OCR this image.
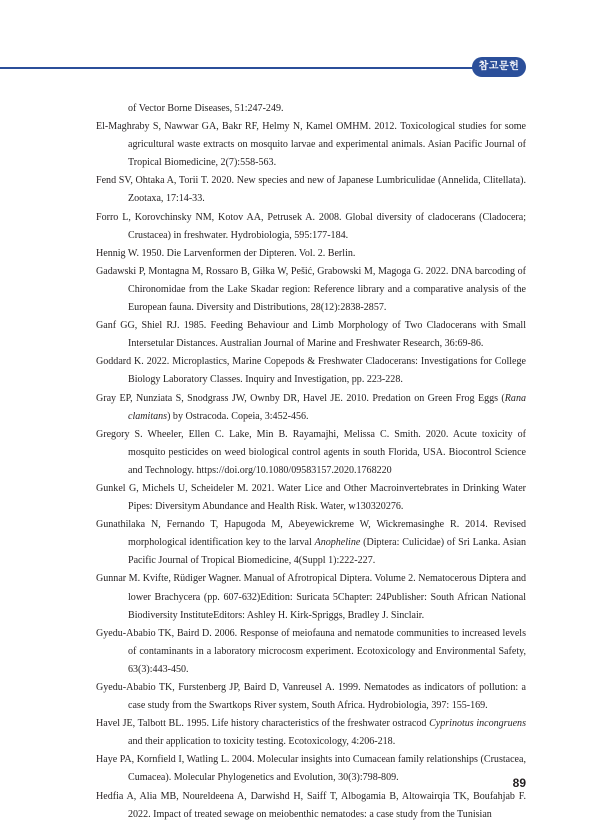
참고문헌

of Vector Borne Diseases, 51:247-249.

El-Maghraby S, Nawwar GA, Bakr RF, Helmy N, Kamel OMHM. 2012. Toxicological studies for some agricultural waste extracts on mosquito larvae and experimental animals. Asian Pacific Journal of Tropical Biomedicine, 2(7):558-563.

Fend SV, Ohtaka A, Torii T. 2020. New species and new of Japanese Lumbriculidae (Annelida, Clitellata). Zootaxa, 17:14-33.

Forro L, Korovchinsky NM, Kotov AA, Petrusek A. 2008. Global diversity of cladocerans (Cladocera; Crustacea) in freshwater. Hydrobiologia, 595:177-184.

Hennig W. 1950. Die Larvenformen der Dipteren. Vol. 2. Berlin.

Gadawski P, Montagna M, Rossaro B, Giłka W, Pešić, Grabowski M, Magoga G. 2022. DNA barcoding of Chironomidae from the Lake Skadar region: Reference library and a comparative analysis of the European fauna. Diversity and Distributions, 28(12):2838-2857.

Ganf GG, Shiel RJ. 1985. Feeding Behaviour and Limb Morphology of Two Cladocerans with Small Intersetular Distances. Australian Journal of Marine and Freshwater Research, 36:69-86.

Goddard K. 2022. Microplastics, Marine Copepods & Freshwater Cladocerans: Investigations for College Biology Laboratory Classes. Inquiry and Investigation, pp. 223-228.

Gray EP, Nunziata S, Snodgrass JW, Ownby DR, Havel JE. 2010. Predation on Green Frog Eggs (Rana clamitans) by Ostracoda. Copeia, 3:452-456.

Gregory S. Wheeler, Ellen C. Lake, Min B. Rayamajhi, Melissa C. Smith. 2020. Acute toxicity of mosquito pesticides on weed biological control agents in south Florida, USA. Biocontrol Science and Technology. https://doi.org/10.1080/09583157.2020.1768220

Gunkel G, Michels U, Scheideler M. 2021. Water Lice and Other Macroinvertebrates in Drinking Water Pipes: Diversitym Abundance and Health Risk. Water, w130320276.

Gunathilaka N, Fernando T, Hapugoda M, Abeyewickreme W, Wickremasinghe R. 2014. Revised morphological identification key to the larval Anopheline (Diptera: Culicidae) of Sri Lanka. Asian Pacific Journal of Tropical Biomedicine, 4(Suppl 1):222-227.

Gunnar M. Kvifte, Rüdiger Wagner. Manual of Afrotropical Diptera. Volume 2. Nematocerous Diptera and lower Brachycera (pp. 607-632)Edition: Suricata 5Chapter: 24Publisher: South African National Biodiversity InstituteEditors: Ashley H. Kirk-Spriggs, Bradley J. Sinclair.

Gyedu-Ababio TK, Baird D. 2006. Response of meiofauna and nematode communities to increased levels of contaminants in a laboratory microcosm experiment. Ecotoxicology and Environmental Safety, 63(3):443-450.

Gyedu-Ababio TK, Furstenberg JP, Baird D, Vanreusel A. 1999. Nematodes as indicators of pollution: a case study from the Swartkops River system, South Africa. Hydrobiologia, 397: 155-169.

Havel JE, Talbott BL. 1995. Life history characteristics of the freshwater ostracod Cyprinotus incongruens and their application to toxicity testing. Ecotoxicology, 4:206-218.

Haye PA, Kornfield I, Watling L. 2004. Molecular insights into Cumacean family relationships (Crustacea, Cumacea). Molecular Phylogenetics and Evolution, 30(3):798-809.

Hedfia A, Alia MB, Noureldeena A, Darwishd H, Saiff T, Albogamia B, Altowairqia TK, Boufahjab F. 2022. Impact of treated sewage on meiobenthic nematodes: a case study from the Tunisian

89
